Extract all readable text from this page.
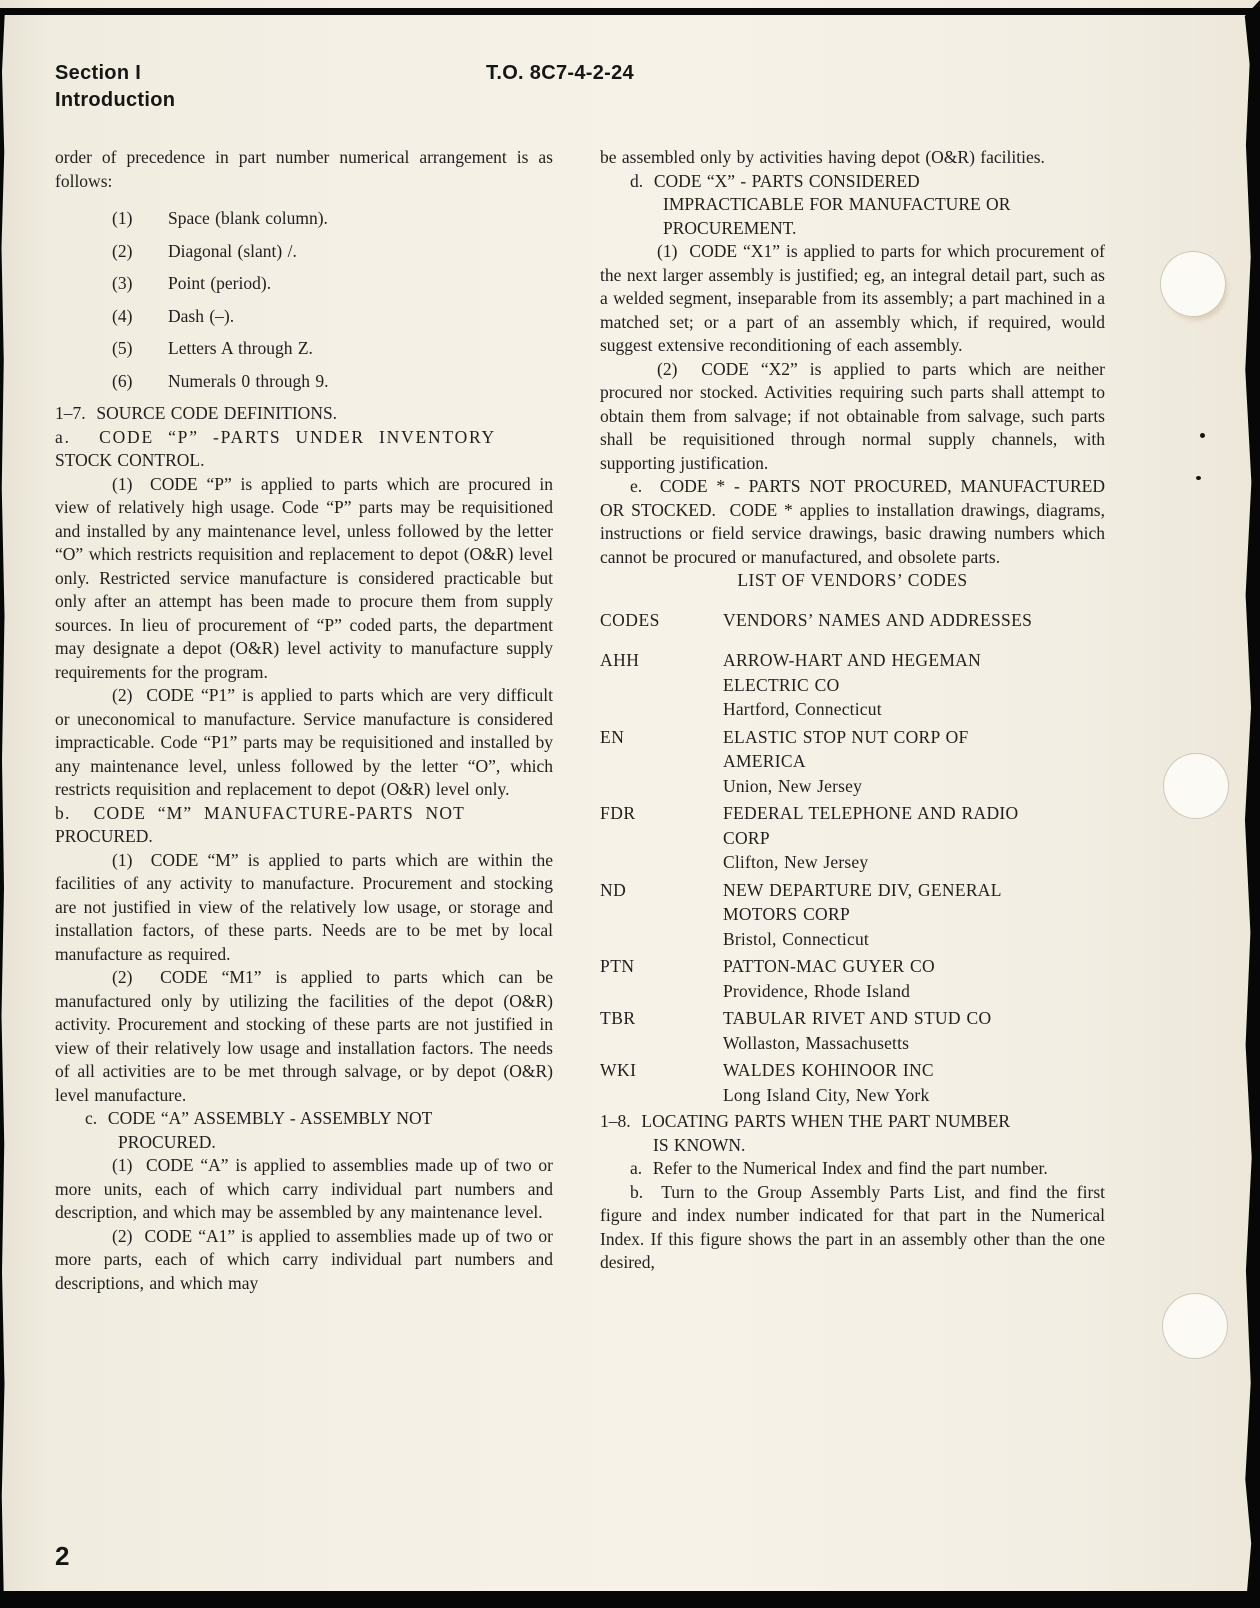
Section I
Introduction
T.O. 8C7-4-2-24

order of precedence in part number numerical arrangement is as follows:

(1)	Space (blank column).
(2)	Diagonal (slant) /.
(3)	Point (period).
(4)	Dash (–).
(5)	Letters A through Z.
(6)	Numerals 0 through 9.

1–7.  SOURCE CODE DEFINITIONS.

a.  CODE “P” -PARTS UNDER INVENTORY
STOCK CONTROL.

(1)  CODE “P” is applied to parts which are procured in view of relatively high usage. Code “P” parts may be requisitioned and installed by any maintenance level, unless followed by the letter “O” which restricts requisition and replacement to depot (O&R) level only. Restricted service manufacture is considered practicable but only after an attempt has been made to procure them from supply sources. In lieu of procurement of “P” coded parts, the department may designate a depot (O&R) level activity to manufacture supply requirements for the program.

(2)  CODE “P1” is applied to parts which are very difficult or uneconomical to manufacture. Service manufacture is considered impracticable. Code “P1” parts may be requisitioned and installed by any maintenance level, unless followed by the letter “O”, which restricts requisition and replacement to depot (O&R) level only.

b.  CODE “M” MANUFACTURE-PARTS NOT
PROCURED.

(1)  CODE “M” is applied to parts which are within the facilities of any activity to manufacture. Procurement and stocking are not justified in view of the relatively low usage, or storage and installation factors, of these parts. Needs are to be met by local manufacture as required.

(2)  CODE “M1” is applied to parts which can be manufactured only by utilizing the facilities of the depot (O&R) activity. Procurement and stocking of these parts are not justified in view of their relatively low usage and installation factors. The needs of all activities are to be met through salvage, or by depot (O&R) level manufacture.

c.  CODE “A” ASSEMBLY - ASSEMBLY NOT
PROCURED.

(1)  CODE “A” is applied to assemblies made up of two or more units, each of which carry individual part numbers and description, and which may be assembled by any maintenance level.

(2)  CODE “A1” is applied to assemblies made up of two or more parts, each of which carry individual part numbers and descriptions, and which may

be assembled only by activities having depot (O&R) facilities.

d.  CODE “X” - PARTS CONSIDERED
IMPRACTICABLE FOR MANUFACTURE OR
PROCUREMENT.

(1)  CODE “X1” is applied to parts for which procurement of the next larger assembly is justified; eg, an integral detail part, such as a welded segment, inseparable from its assembly; a part machined in a matched set; or a part of an assembly which, if required, would suggest extensive reconditioning of each assembly.

(2)  CODE “X2” is applied to parts which are neither procured nor stocked. Activities requiring such parts shall attempt to obtain them from salvage; if not obtainable from salvage, such parts shall be requisitioned through normal supply channels, with supporting justification.

e.  CODE * - PARTS NOT PROCURED, MANUFACTURED OR STOCKED.  CODE * applies to installation drawings, diagrams, instructions or field service drawings, basic drawing numbers which cannot be procured or manufactured, and obsolete parts.

LIST OF VENDORS’ CODES

CODES	VENDORS’ NAMES AND ADDRESSES
AHH	ARROW-HART AND HEGEMAN ELECTRIC CO
Hartford, Connecticut
EN	ELASTIC STOP NUT CORP OF AMERICA
Union, New Jersey
FDR	FEDERAL TELEPHONE AND RADIO CORP
Clifton, New Jersey
ND	NEW DEPARTURE DIV, GENERAL MOTORS CORP
Bristol, Connecticut
PTN	PATTON-MAC GUYER CO
Providence, Rhode Island
TBR	TABULAR RIVET AND STUD CO
Wollaston, Massachusetts
WKI	WALDES KOHINOOR INC
Long Island City, New York

1–8.  LOCATING PARTS WHEN THE PART NUMBER
IS KNOWN.

a.  Refer to the Numerical Index and find the part number.

b.  Turn to the Group Assembly Parts List, and find the first figure and index number indicated for that part in the Numerical Index. If this figure shows the part in an assembly other than the one desired,

2
